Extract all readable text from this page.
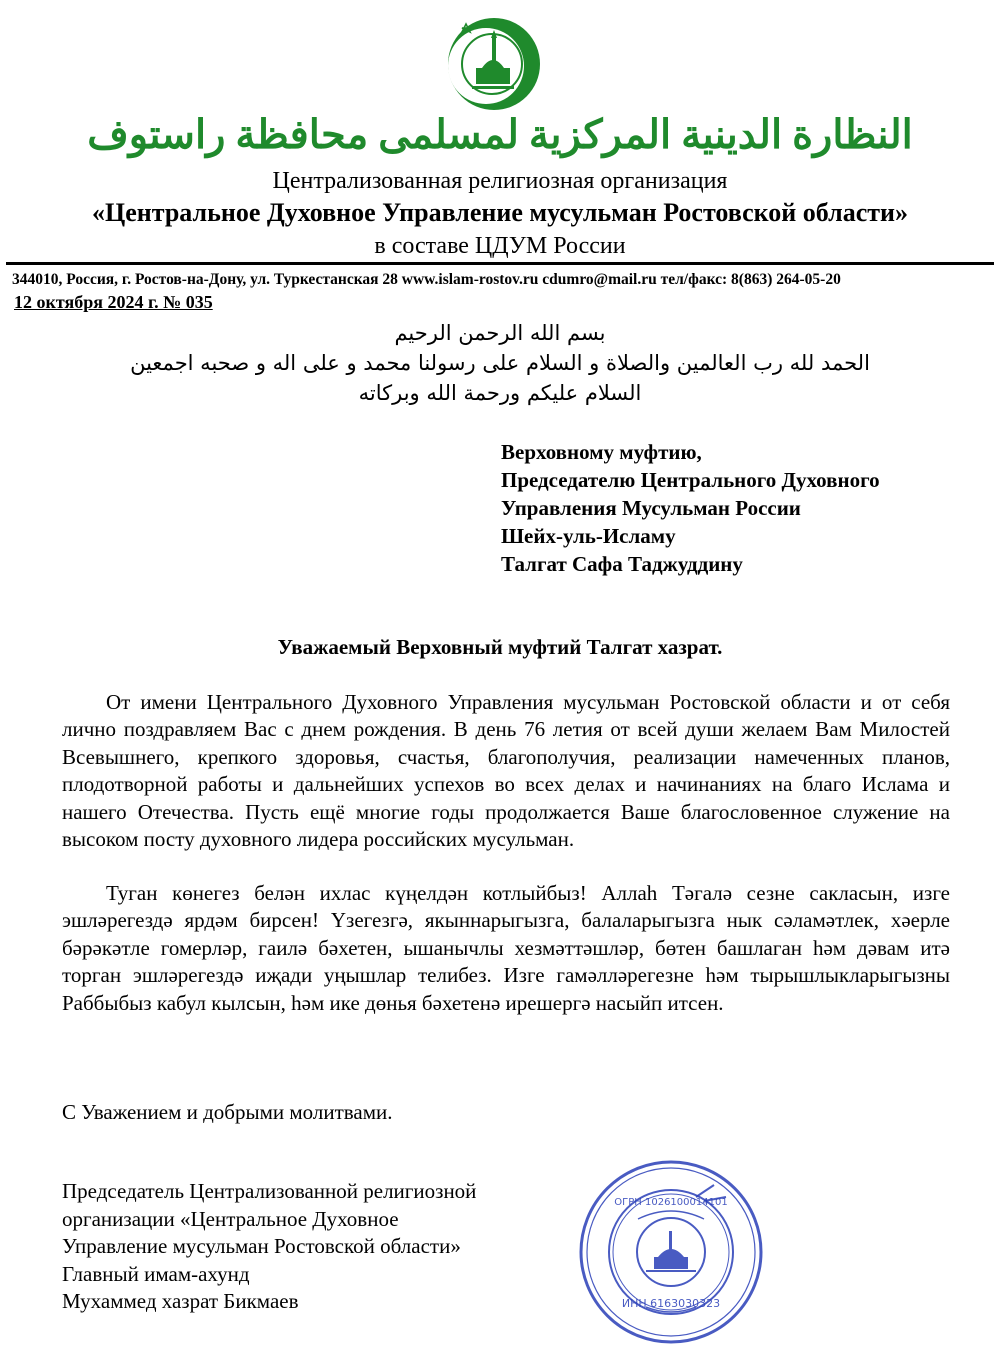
النظارة الدينية المركزية لمسلمى محافظة راستوف
Централизованная религиозная организация
«Центральное Духовное Управление мусульман Ростовской области»
в составе ЦДУМ России
344010, Россия, г. Ростов-на-Дону, ул. Туркестанская 28 www.islam-rostov.ru cdumro@mail.ru тел/факс: 8(863) 264-05-20
12 октября 2024 г. № 035
بسم الله الرحمن الرحيم
الحمد لله رب العالمين والصلاة و السلام على رسولنا محمد و على اله و صحبه اجمعين
السلام عليكم ورحمة الله وبركاته
Верховному муфтию,
Председателю Центрального Духовного
Управления Мусульман России
Шейх-уль-Исламу
Талгат Сафа Таджуддину
Уважаемый Верховный муфтий Талгат хазрат.
От имени Центрального Духовного Управления мусульман Ростовской области и от себя лично поздравляем Вас с днем рождения. В день 76 летия от всей души желаем Вам Милостей Всевышнего, крепкого здоровья, счастья, благополучия, реализации намеченных планов, плодотворной работы и дальнейших успехов во всех делах и начинаниях на благо Ислама и нашего Отечества. Пусть ещё многие годы продолжается Ваше благословенное служение на высоком посту духовного лидера российских мусульман.
Туган көнегез белән ихлас күңелдән котлыйбыз! Аллаһ Тәгалә сезне сакласын, изге эшләрегездә ярдәм бирсен! Үзегезгә, якыннарыгызга, балаларыгызга нык сәламәтлек, хәерле бәрәкәтле гомерләр, гаилә бәхетен, ышанычлы хезмәттәшләр, бөтен башлаган һәм дәвам итә торган эшләрегездә иҗади уңышлар телибез. Изге гамәлләрегезне һәм тырышлыкларыгызны Раббыбыз кабул кылсын, һәм ике дөнья бәхетенә ирешергә насыйп итсен.
С Уважением и добрыми молитвами.
Председатель Централизованной религиозной
организации «Центральное Духовное
Управление мусульман Ростовской области»
Главный имам-ахунд
Мухаммед хазрат Бикмаев
ОГРН 1026100014101
ИНН 6163030323
